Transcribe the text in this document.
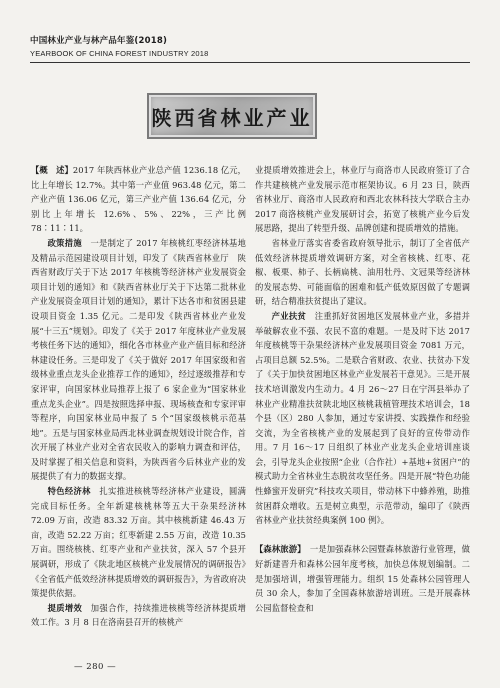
中国林业产业与林产品年鉴(2018)
YEARBOOK OF CHINA FOREST INDUSTRY 2018
陕西省林业产业

【概　述】2017 年陕西林业产业总产值 1236.18 亿元，比上年增长 12.7%。其中第一产业值 963.48 亿元，第二产业产值 136.06 亿元，第三产业产值 136.64 亿元，分别比上年增长 12.6%、5%、22%，三产比例 78∶11∶11。

政策措施　 一是制定了 2017 年核桃红枣经济林基地及精品示范园建设项目计划，印发了《陕西省林业厅　陕西省财政厅关于下达 2017 年核桃等经济林产业发展资金项目计划的通知》和《陕西省林业厅关于下达第二批林业产业发展资金项目计划的通知》，累计下达各市和贫困县建设项目资金 1.35 亿元。二是印发《陕西省林业产业发展“十三五”规划》。印发了《关于 2017 年度林业产业发展考核任务下达的通知》，细化各市林业产业产值目标和经济林建设任务。三是印发了《关于做好 2017 年国家级和省级林业重点龙头企业推荐工作的通知》，经过逐级推荐和专家评审，向国家林业局推荐上报了 6 家企业为“国家林业重点龙头企业”。四是按照选择申报、现场核查和专家评审等程序，向国家林业局申报了 5 个“国家级核桃示范基地”。五是与国家林业局西北林业调查规划设计院合作，首次开展了林业产业对全省农民收入的影响力调查和评估，及时掌握了相关信息和资料，为陕西省今后林业产业的发展提供了有力的数据支撑。

特色经济林　 扎实推进核桃等经济林产业建设，圆满完成目标任务。全年新建核桃林等五大干杂果经济林 72.09 万亩，改造 83.32 万亩。其中核桃新建 46.43 万亩，改造 52.22 万亩；红枣新建 2.55 万亩，改造 10.35 万亩。围绕核桃、红枣产业和产业扶贫，深入 57 个县开展调研，形成了《陕北地区核桃产业发展情况的调研报告》《全省低产低效经济林提质增效的调研报告》，为省政府决策提供依据。

提质增效　 加强合作，持续推进核桃等经济林提质增效工作。3 月 8 日在洛南县召开的核桃产

业提质增效推进会上，林业厅与商洛市人民政府签订了合作共建核桃产业发展示范市框架协议。6 月 23 日，陕西省林业厅、商洛市人民政府和西北农林科技大学联合主办 2017 商洛核桃产业发展研讨会，拓宽了核桃产业今后发展思路，提出了转型升级、品牌创建和提质增效的措施。

省林业厅落实省委省政府领导批示，制订了全省低产低效经济林提质增效调研方案，对全省核桃、红枣、花椒、板栗、柿子、长柄扁桃、油用牡丹、文冠果等经济林的发展态势、可能面临的困难和低产低效原因做了专题调研，结合精准扶贫提出了建议。

产业扶贫　 注重抓好贫困地区发展林业产业，多措并举破解农业不强、农民不富的难题。一是及时下达 2017 年度核桃等干杂果经济林产业发展项目资金 7081 万元，占项目总额 52.5%。二是联合省财政、农业、扶贫办下发了《关于加快贫困地区林业产业发展若干意见》。三是开展技术培训激发内生动力。4 月 26～27 日在宁洱县举办了林业产业精准扶贫陕北地区核桃栽植管理技术培训会，18 个县（区）280 人参加，通过专家讲授、实践操作和经验交流，为全省核桃产业的发展起到了良好的宣传带动作用。7 月 16～17 日组织了林业产业龙头企业培训座谈会，引导龙头企业按照“企业（合作社）+基地+贫困户”的模式助力全省林业生态脱贫攻坚任务。四是开展“特色功能性蜂蜜开发研究”科技攻关项目，带动林下中蜂养殖，助推贫困群众增收。五是树立典型，示范带动，编印了《陕西省林业产业扶贫经典案例 100 例》。

【森林旅游】　 一是加强森林公园暨森林旅游行业管理，做好新建晋升和森林公园年度考核，加快总体规划编制。二是加强培训，增强管理能力。组织 15 处森林公园管理人员 30 余人，参加了全国森林旅游培训班。三是开展森林公园监督检查和

— 280 —
